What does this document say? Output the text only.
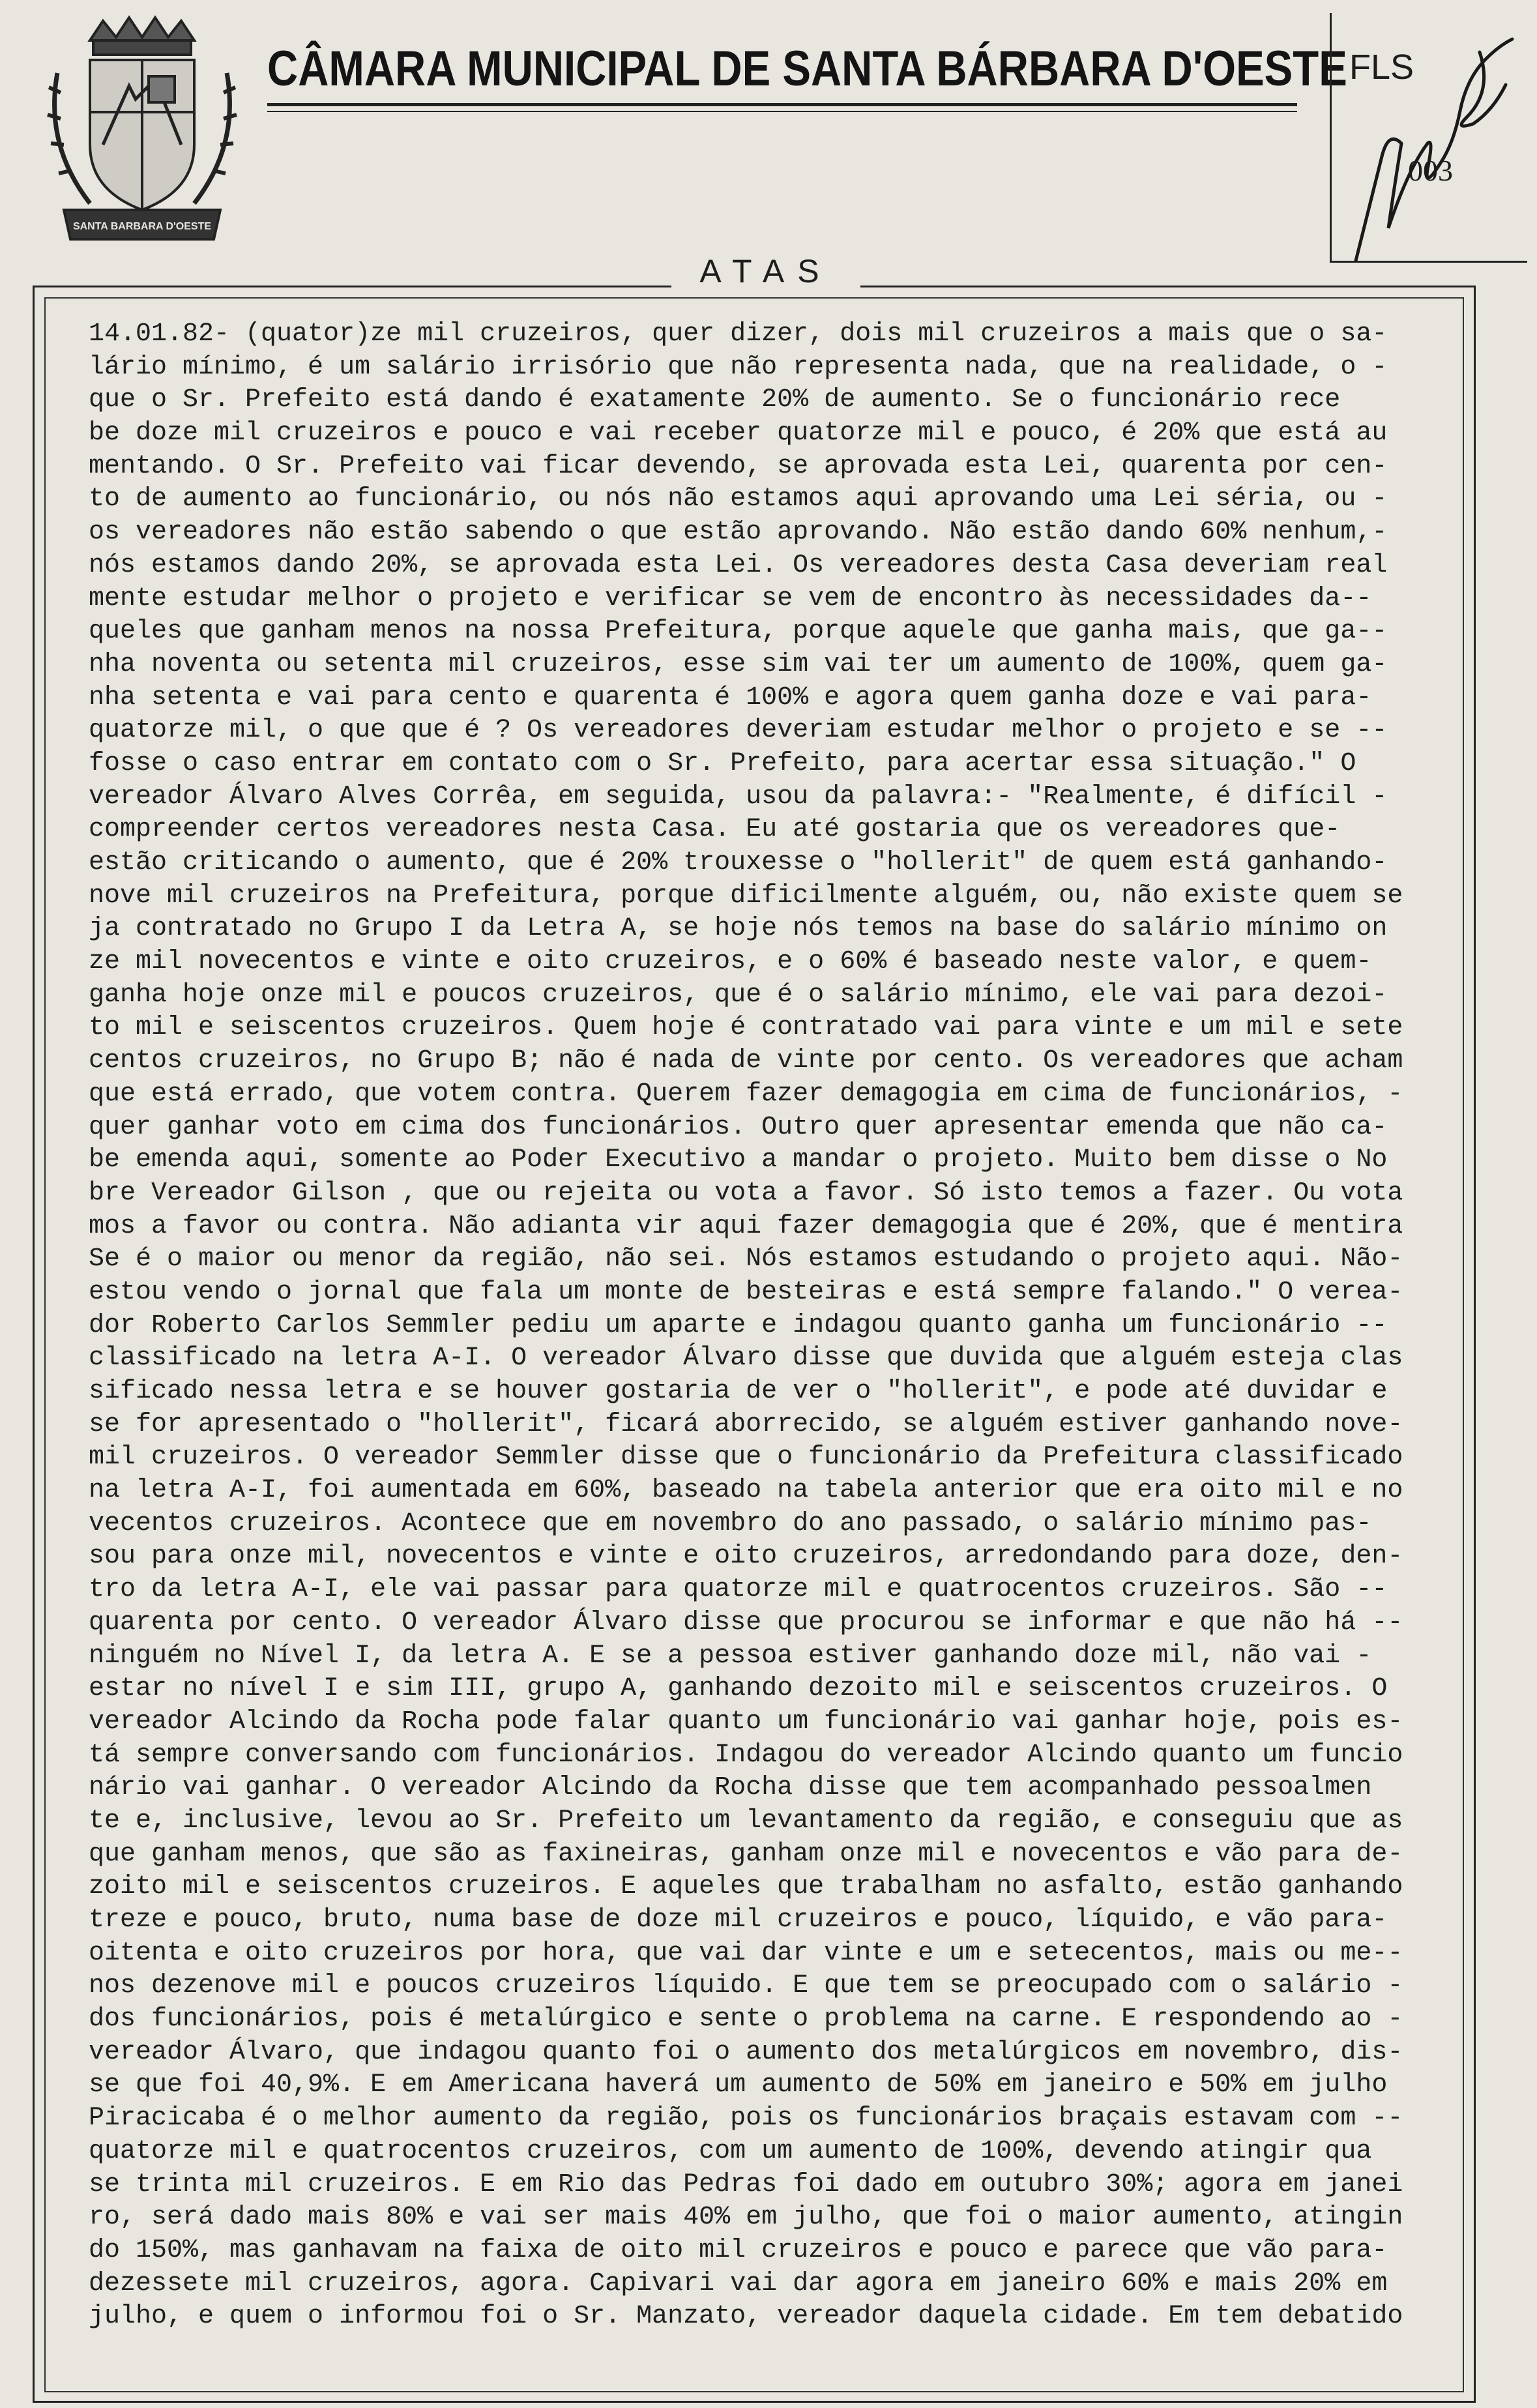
SANTA BARBARA D'OESTE
CÂMARA MUNICIPAL DE SANTA BÁRBARA D'OESTE FLS
003
ATAS
14.01.82- (quator)ze mil cruzeiros, quer dizer, dois mil cruzeiros a mais que o sa-
lário mínimo, é um salário irrisório que não representa nada, que na realidade, o -
que o Sr. Prefeito está dando é exatamente 20% de aumento. Se o funcionário rece
be doze mil cruzeiros e pouco e vai receber quatorze mil e pouco, é 20% que está au
mentando. O Sr. Prefeito vai ficar devendo, se aprovada esta Lei, quarenta por cen-
to de aumento ao funcionário, ou nós não estamos aqui aprovando uma Lei séria, ou -
os vereadores não estão sabendo o que estão aprovando. Não estão dando 60% nenhum,-
nós estamos dando 20%, se aprovada esta Lei. Os vereadores desta Casa deveriam real
mente estudar melhor o projeto e verificar se vem de encontro às necessidades da--
queles que ganham menos na nossa Prefeitura, porque aquele que ganha mais, que ga--
nha noventa ou setenta mil cruzeiros, esse sim vai ter um aumento de 100%, quem ga-
nha setenta e vai para cento e quarenta é 100% e agora quem ganha doze e vai para-
quatorze mil, o que que é ? Os vereadores deveriam estudar melhor o projeto e se --
fosse o caso entrar em contato com o Sr. Prefeito, para acertar essa situação." O
vereador Álvaro Alves Corrêa, em seguida, usou da palavra:- "Realmente, é difícil -
compreender certos vereadores nesta Casa. Eu até gostaria que os vereadores que-
estão criticando o aumento, que é 20% trouxesse o "hollerit" de quem está ganhando-
nove mil cruzeiros na Prefeitura, porque dificilmente alguém, ou, não existe quem se
ja contratado no Grupo I da Letra A, se hoje nós temos na base do salário mínimo on
ze mil novecentos e vinte e oito cruzeiros, e o 60% é baseado neste valor, e quem-
ganha hoje onze mil e poucos cruzeiros, que é o salário mínimo, ele vai para dezoi-
to mil e seiscentos cruzeiros. Quem hoje é contratado vai para vinte e um mil e sete
centos cruzeiros, no Grupo B; não é nada de vinte por cento. Os vereadores que acham
que está errado, que votem contra. Querem fazer demagogia em cima de funcionários, -
quer ganhar voto em cima dos funcionários. Outro quer apresentar emenda que não ca-
be emenda aqui, somente ao Poder Executivo a mandar o projeto. Muito bem disse o No
bre Vereador Gilson , que ou rejeita ou vota a favor. Só isto temos a fazer. Ou vota
mos a favor ou contra. Não adianta vir aqui fazer demagogia que é 20%, que é mentira
Se é o maior ou menor da região, não sei. Nós estamos estudando o projeto aqui. Não-
estou vendo o jornal que fala um monte de besteiras e está sempre falando." O verea-
dor Roberto Carlos Semmler pediu um aparte e indagou quanto ganha um funcionário --
classificado na letra A-I. O vereador Álvaro disse que duvida que alguém esteja clas
sificado nessa letra e se houver gostaria de ver o "hollerit", e pode até duvidar e
se for apresentado o "hollerit", ficará aborrecido, se alguém estiver ganhando nove-
mil cruzeiros. O vereador Semmler disse que o funcionário da Prefeitura classificado
na letra A-I, foi aumentada em 60%, baseado na tabela anterior que era oito mil e no
vecentos cruzeiros. Acontece que em novembro do ano passado, o salário mínimo pas-
sou para onze mil, novecentos e vinte e oito cruzeiros, arredondando para doze, den-
tro da letra A-I, ele vai passar para quatorze mil e quatrocentos cruzeiros. São --
quarenta por cento. O vereador Álvaro disse que procurou se informar e que não há --
ninguém no Nível I, da letra A. E se a pessoa estiver ganhando doze mil, não vai -
estar no nível I e sim III, grupo A, ganhando dezoito mil e seiscentos cruzeiros. O
vereador Alcindo da Rocha pode falar quanto um funcionário vai ganhar hoje, pois es-
tá sempre conversando com funcionários. Indagou do vereador Alcindo quanto um funcio
nário vai ganhar. O vereador Alcindo da Rocha disse que tem acompanhado pessoalmen
te e, inclusive, levou ao Sr. Prefeito um levantamento da região, e conseguiu que as
que ganham menos, que são as faxineiras, ganham onze mil e novecentos e vão para de-
zoito mil e seiscentos cruzeiros. E aqueles que trabalham no asfalto, estão ganhando
treze e pouco, bruto, numa base de doze mil cruzeiros e pouco, líquido, e vão para-
oitenta e oito cruzeiros por hora, que vai dar vinte e um e setecentos, mais ou me--
nos dezenove mil e poucos cruzeiros líquido. E que tem se preocupado com o salário -
dos funcionários, pois é metalúrgico e sente o problema na carne. E respondendo ao -
vereador Álvaro, que indagou quanto foi o aumento dos metalúrgicos em novembro, dis-
se que foi 40,9%. E em Americana haverá um aumento de 50% em janeiro e 50% em julho
Piracicaba é o melhor aumento da região, pois os funcionários braçais estavam com --
quatorze mil e quatrocentos cruzeiros, com um aumento de 100%, devendo atingir qua
se trinta mil cruzeiros. E em Rio das Pedras foi dado em outubro 30%; agora em janei
ro, será dado mais 80% e vai ser mais 40% em julho, que foi o maior aumento, atingin
do 150%, mas ganhavam na faixa de oito mil cruzeiros e pouco e parece que vão para-
dezessete mil cruzeiros, agora. Capivari vai dar agora em janeiro 60% e mais 20% em
julho, e quem o informou foi o Sr. Manzato, vereador daquela cidade. Em tem debatido
